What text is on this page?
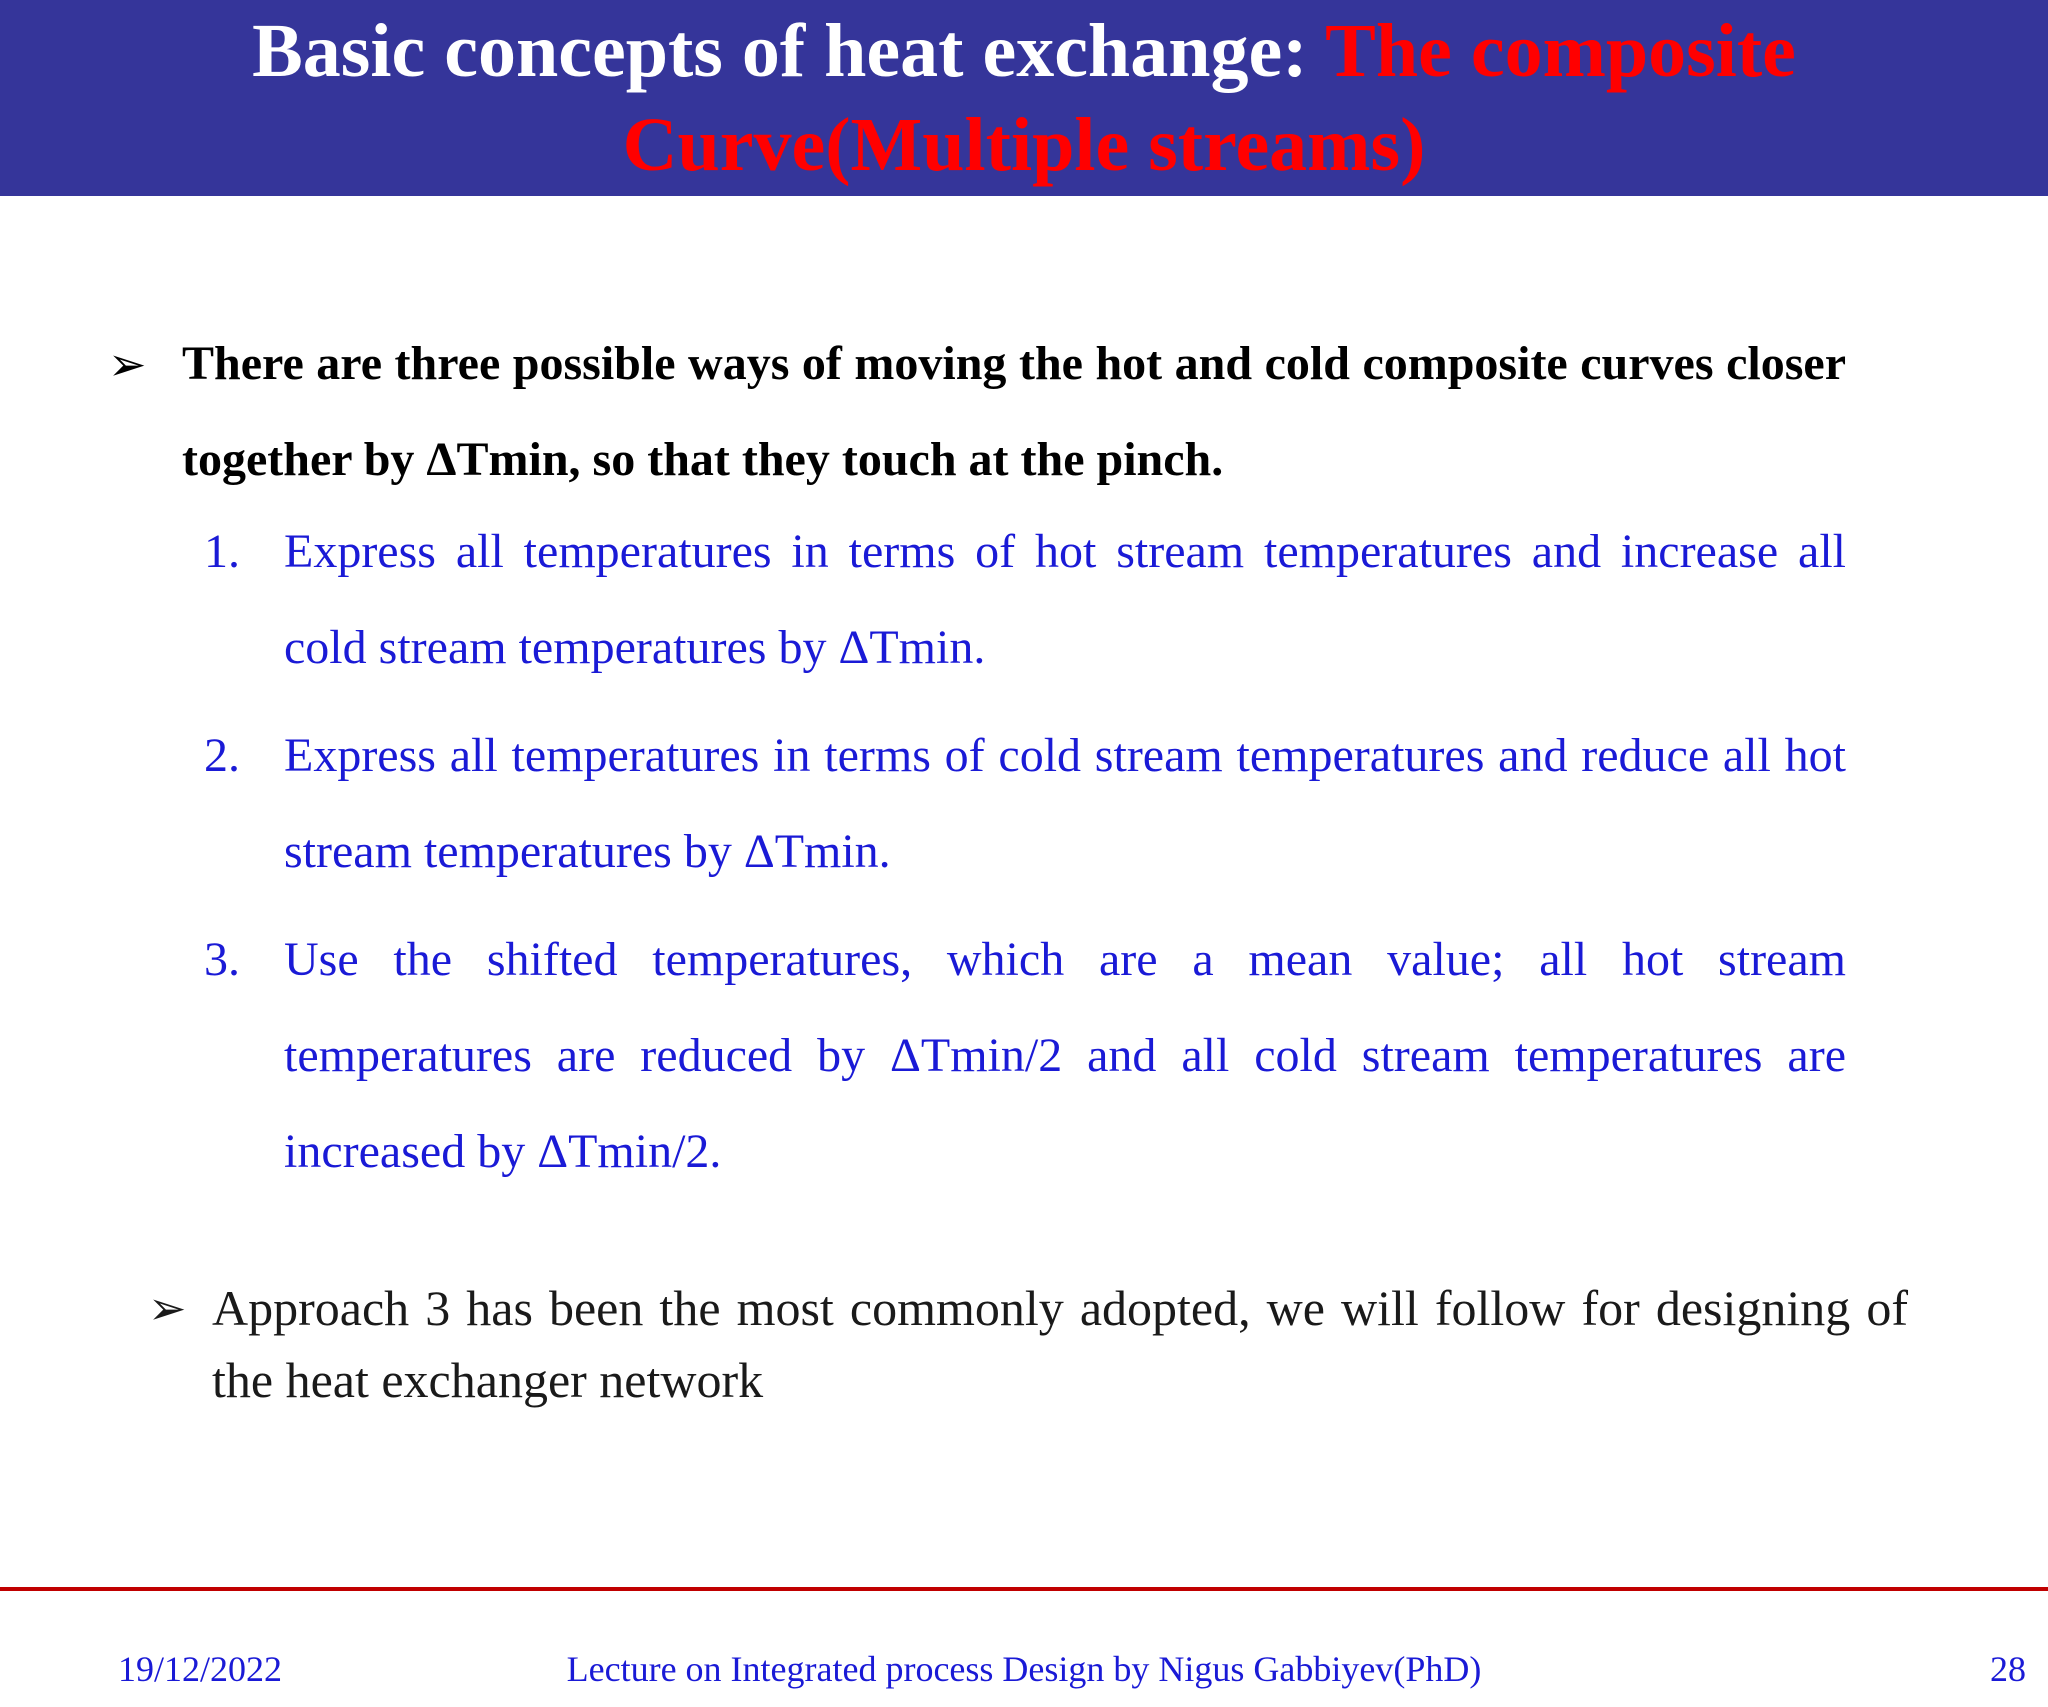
Basic concepts of heat exchange: The composite Curve(Multiple streams)
➢ There are three possible ways of moving the hot and cold composite curves closer together by ΔTmin, so that they touch at the pinch.
1. Express all temperatures in terms of hot stream temperatures and increase all cold stream temperatures by ΔTmin.
2. Express all temperatures in terms of cold stream temperatures and reduce all hot stream temperatures by ΔTmin.
3. Use the shifted temperatures, which are a mean value; all hot stream temperatures are reduced by ΔTmin/2 and all cold stream temperatures are increased by ΔTmin/2.
➢ Approach 3 has been the most commonly adopted, we will follow for designing of the heat exchanger network
19/12/2022	Lecture on Integrated process Design by Nigus Gabbiyev(PhD)	28
